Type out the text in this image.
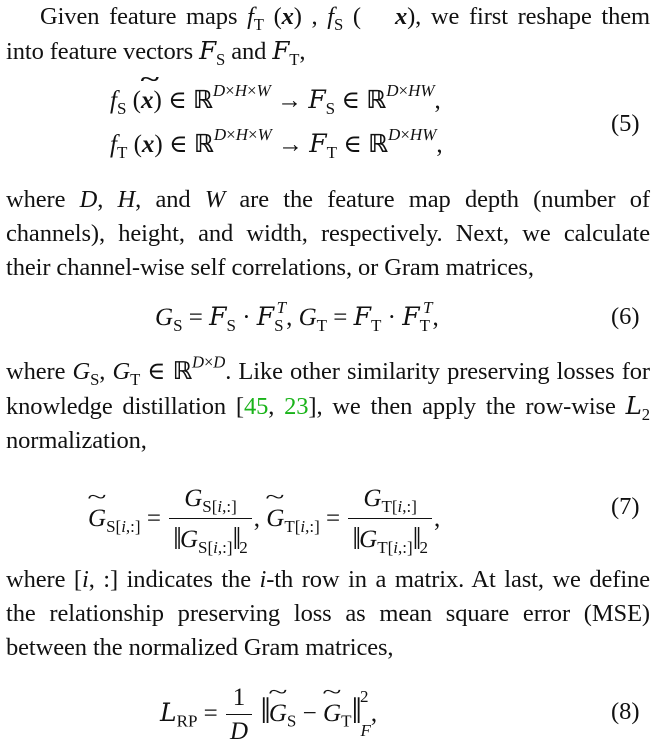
Given feature maps $f_T$ (x) , $f_S$ (~ x), we first reshape them into feature vectors $F_S$ and $F_T$,
$f_S$ (~ x) ∈ ℝ$^{D\times H\times W}$ → $F_S$ ∈ ℝ$^{D\times HW}$,
$f_T$ (x) ∈ ℝ$^{D\times H\times W}$ → $F_T$ ∈ ℝ$^{D\times HW}$,
(5)
where D, H, and W are the feature map depth (number of channels), height, and width, respectively. Next, we calculate their channel-wise self correlations, or Gram matrices,
$G_S = F_S \cdot F_S^T$, $G_T = F_T \cdot F_T^T$,	(6)
where $G_S$, $G_T$ ∈ ℝ$^{D\times D}$. Like other similarity preserving losses for knowledge distillation [45, 23], we then apply the row-wise $L_2$ normalization,
~ $G_{S[i,:]} = \frac{G_{S[i,:]}}{‖G_{S[i,:]}‖_2}$ , ~ $G_{T[i,:]} = \frac{G_{T[i,:]}}{‖G_{T[i,:]}‖_2}$ ,	(7)
where [i, :] indicates the i-th row in a matrix. At last, we define the relationship preserving loss as mean square error (MSE) between the normalized Gram matrices,
$L_{RP} = \frac{1}{D}$ ‖~ $G_S$ − ~ $G_T‖^2_F$,	(8)
